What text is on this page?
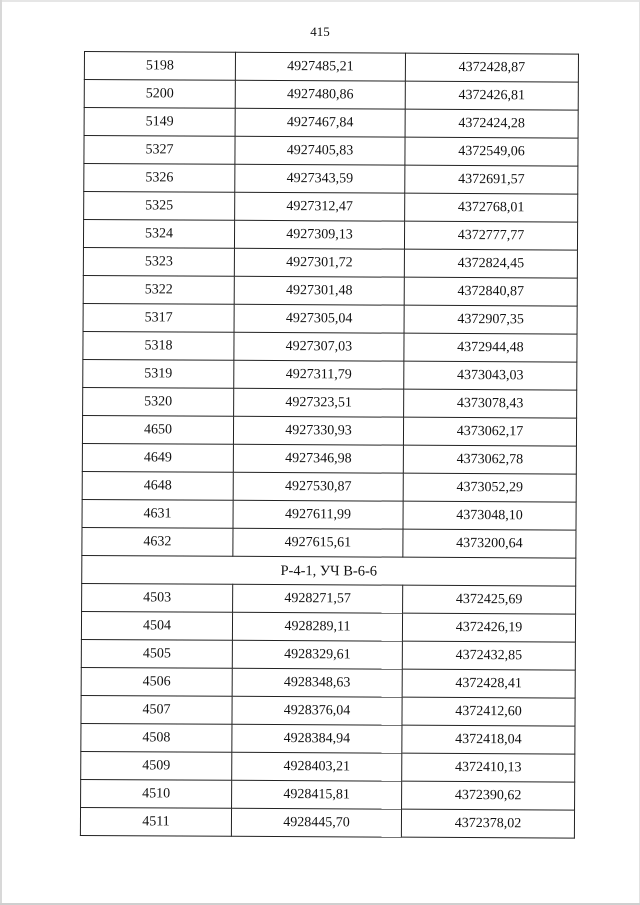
415
5198	4927485,21	4372428,87
5200	4927480,86	4372426,81
5149	4927467,84	4372424,28
5327	4927405,83	4372549,06
5326	4927343,59	4372691,57
5325	4927312,47	4372768,01
5324	4927309,13	4372777,77
5323	4927301,72	4372824,45
5322	4927301,48	4372840,87
5317	4927305,04	4372907,35
5318	4927307,03	4372944,48
5319	4927311,79	4373043,03
5320	4927323,51	4373078,43
4650	4927330,93	4373062,17
4649	4927346,98	4373062,78
4648	4927530,87	4373052,29
4631	4927611,99	4373048,10
4632	4927615,61	4373200,64
Р-4-1, УЧ В-6-6		
4503	4928271,57	4372425,69
4504	4928289,11	4372426,19
4505	4928329,61	4372432,85
4506	4928348,63	4372428,41
4507	4928376,04	4372412,60
4508	4928384,94	4372418,04
4509	4928403,21	4372410,13
4510	4928415,81	4372390,62
4511	4928445,70	4372378,02
